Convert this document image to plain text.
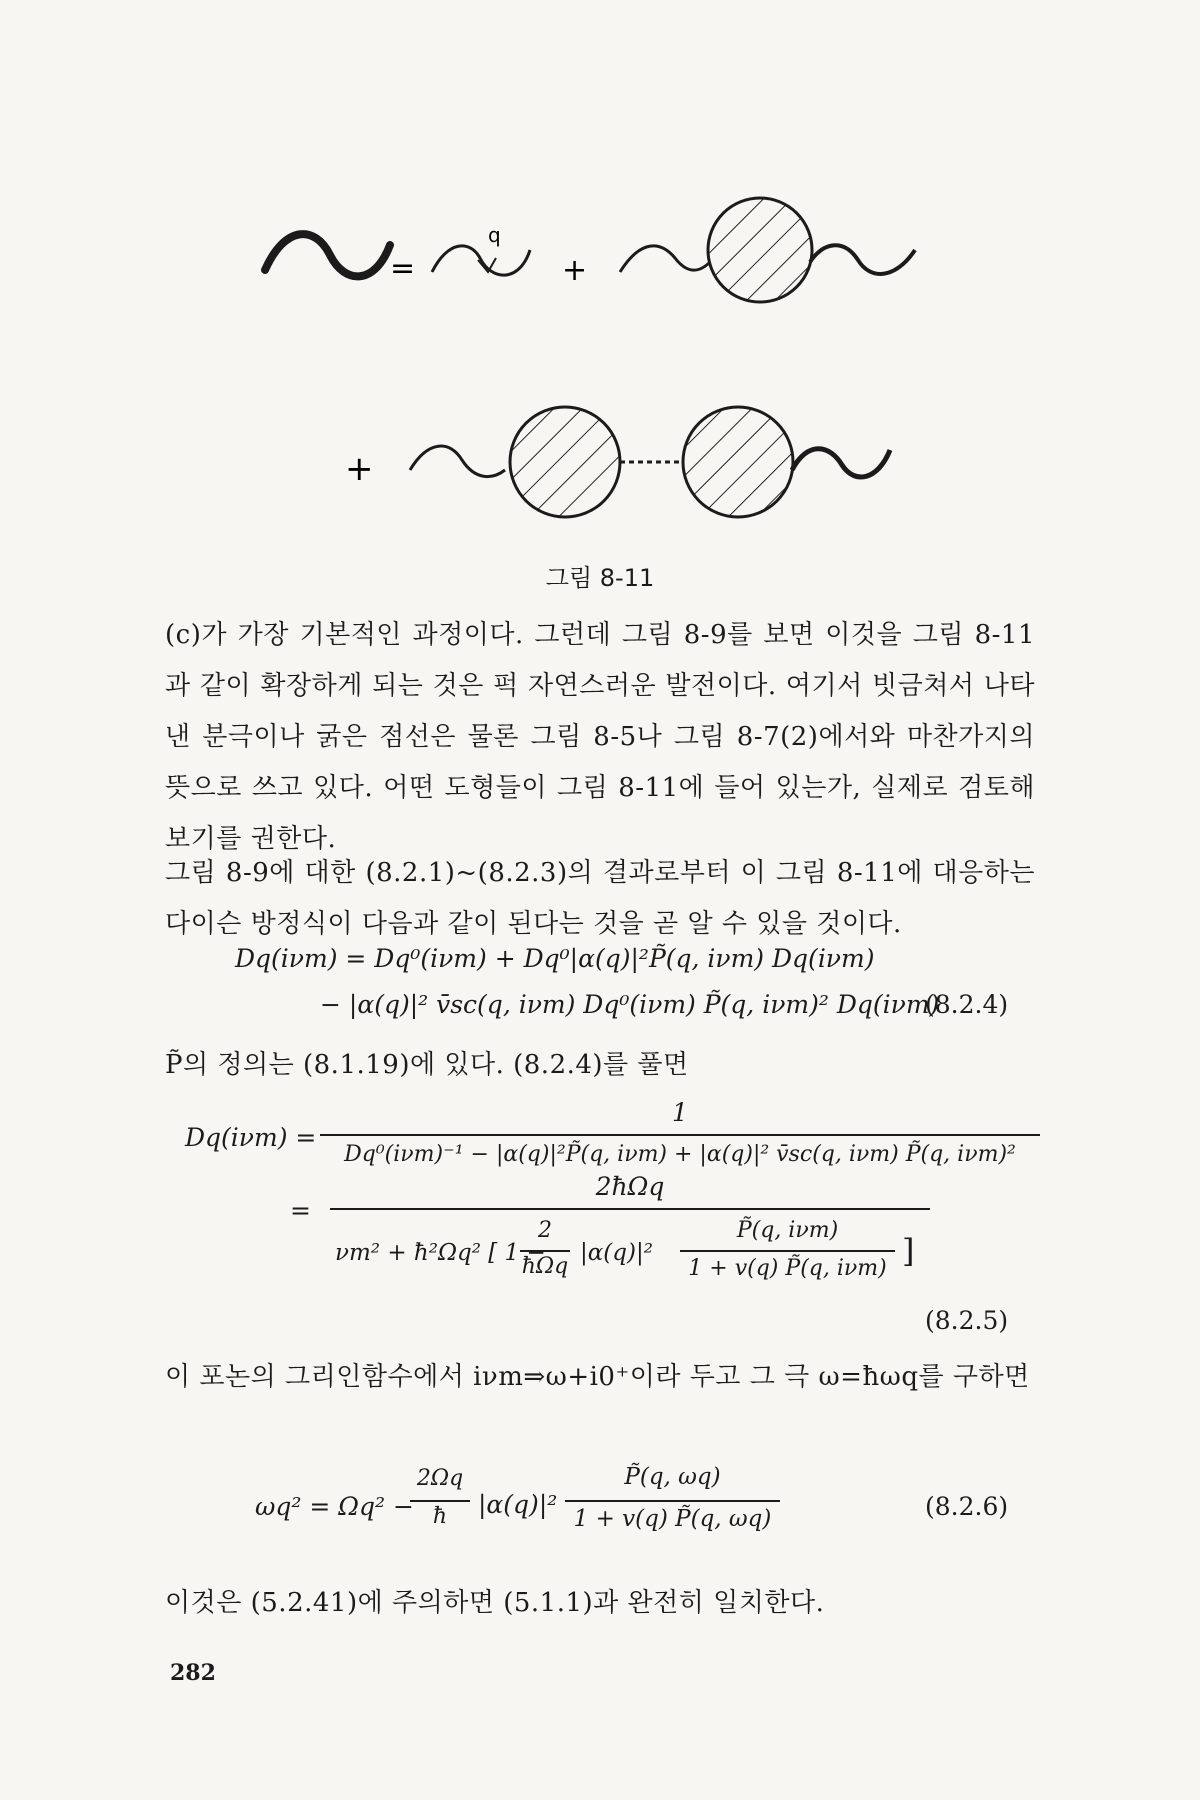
=
q
+
+
그림 8-11

(c)가 가장 기본적인 과정이다. 그런데 그림 8-9를 보면 이것을 그림 8-11과 같이 확장하게 되는 것은 퍽 자연스러운 발전이다. 여기서 빗금쳐서 나타낸 분극이나 굵은 점선은 물론 그림 8-5나 그림 8-7(2)에서와 마찬가지의 뜻으로 쓰고 있다. 어떤 도형들이 그림 8-11에 들어 있는가, 실제로 검토해 보기를 권한다.

그림 8-9에 대한 (8.2.1)~(8.2.3)의 결과로부터 이 그림 8-11에 대응하는 다이슨 방정식이 다음과 같이 된다는 것을 곧 알 수 있을 것이다.

Dq(iνm) = Dq⁰(iνm) + Dq⁰|α(q)|²P̃(q, iνm) Dq(iνm)
− |α(q)|² v̄sc(q, iνm) Dq⁰(iνm) P̃(q, iνm)² Dq(iνm)
(8.2.4)

P̃의 정의는 (8.1.19)에 있다. (8.2.4)를 풀면

Dq(iνm) =
1
Dq⁰(iνm)⁻¹ − |α(q)|²P̃(q, iνm) + |α(q)|² v̄sc(q, iνm) P̃(q, iνm)²
=
2ħΩq
νm² + ħ²Ωq² [ 1 −
2
ħΩq
|α(q)|²
P̃(q, iνm)
1 + v(q) P̃(q, iνm) ]
(8.2.5)

이 포논의 그리인함수에서 iνm⇒ω+i0⁺이라 두고 그 극 ω=ħωq를 구하면

ωq² = Ωq² −
2Ωq
ħ	|α(q)|²
P̃(q, ωq)
1 + v(q) P̃(q, ωq)	(8.2.6)

이것은 (5.2.41)에 주의하면 (5.1.1)과 완전히 일치한다.

282
